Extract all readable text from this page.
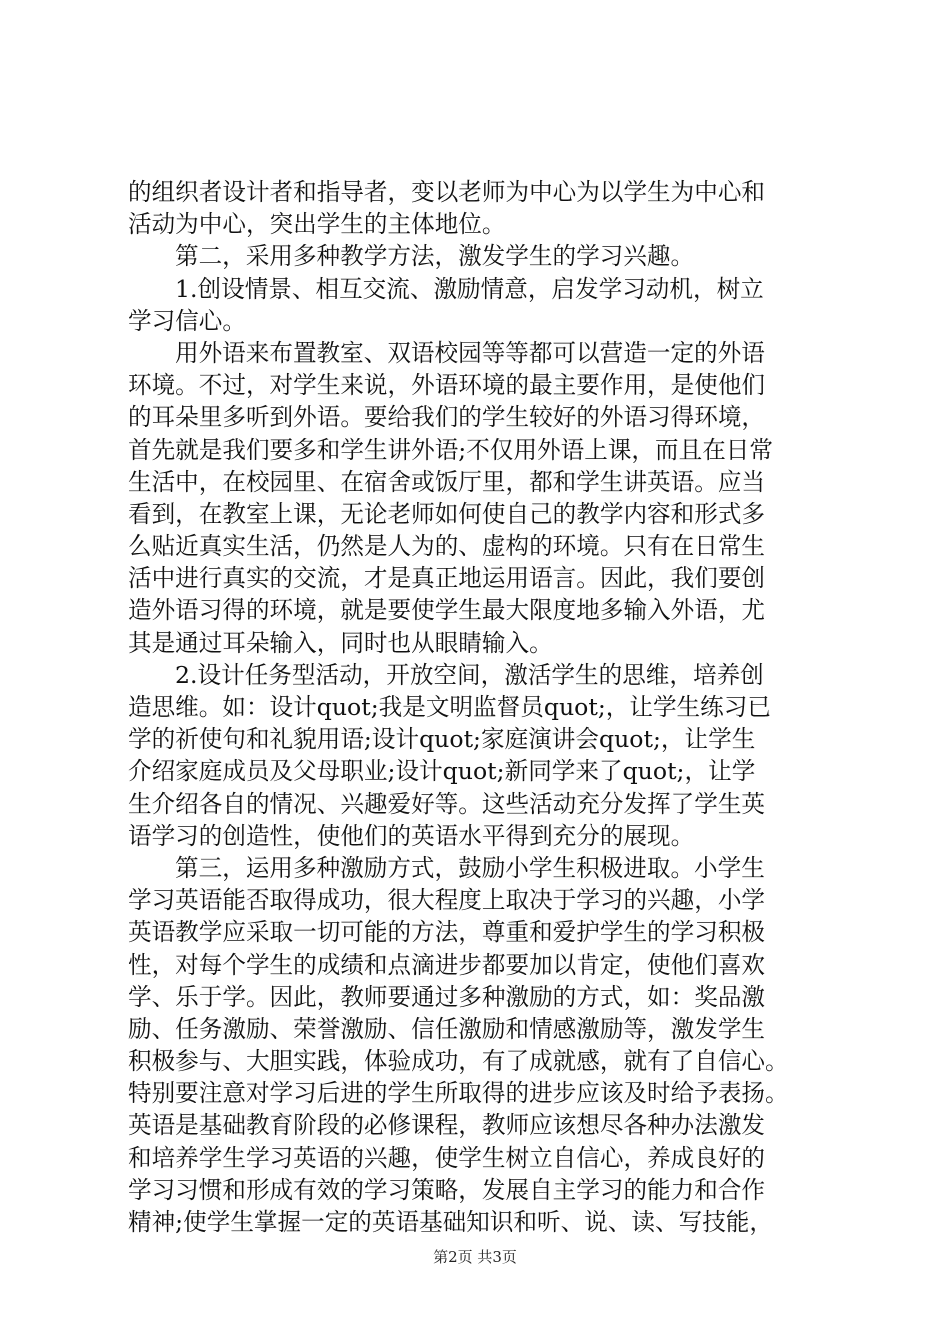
的组织者设计者和指导者，变以老师为中心为以学生为中心和
活动为中心，突出学生的主体地位。
第二，采用多种教学方法，激发学生的学习兴趣。
1.创设情景、相互交流、激励情意，启发学习动机，树立
学习信心。
用外语来布置教室、双语校园等等都可以营造一定的外语
环境。不过，对学生来说，外语环境的最主要作用，是使他们
的耳朵里多听到外语。要给我们的学生较好的外语习得环境，
首先就是我们要多和学生讲外语;不仅用外语上课，而且在日常
生活中，在校园里、在宿舍或饭厅里，都和学生讲英语。应当
看到，在教室上课，无论老师如何使自己的教学内容和形式多
么贴近真实生活，仍然是人为的、虚构的环境。只有在日常生
活中进行真实的交流，才是真正地运用语言。因此，我们要创
造外语习得的环境，就是要使学生最大限度地多输入外语，尤
其是通过耳朵输入，同时也从眼睛输入。
2.设计任务型活动，开放空间，激活学生的思维，培养创
造思维。如：设计quot;我是文明监督员quot;，让学生练习已
学的祈使句和礼貌用语;设计quot;家庭演讲会quot;，让学生
介绍家庭成员及父母职业;设计quot;新同学来了quot;，让学
生介绍各自的情况、兴趣爱好等。这些活动充分发挥了学生英
语学习的创造性，使他们的英语水平得到充分的展现。
第三，运用多种激励方式，鼓励小学生积极进取。小学生
学习英语能否取得成功，很大程度上取决于学习的兴趣，小学
英语教学应采取一切可能的方法，尊重和爱护学生的学习积极
性，对每个学生的成绩和点滴进步都要加以肯定，使他们喜欢
学、乐于学。因此，教师要通过多种激励的方式，如：奖品激
励、任务激励、荣誉激励、信任激励和情感激励等，激发学生
积极参与、大胆实践，体验成功，有了成就感，就有了自信心。
特别要注意对学习后进的学生所取得的进步应该及时给予表扬。
英语是基础教育阶段的必修课程，教师应该想尽各种办法激发
和培养学生学习英语的兴趣，使学生树立自信心，养成良好的
学习习惯和形成有效的学习策略，发展自主学习的能力和合作
精神;使学生掌握一定的英语基础知识和听、说、读、写技能，
第2页 共3页
